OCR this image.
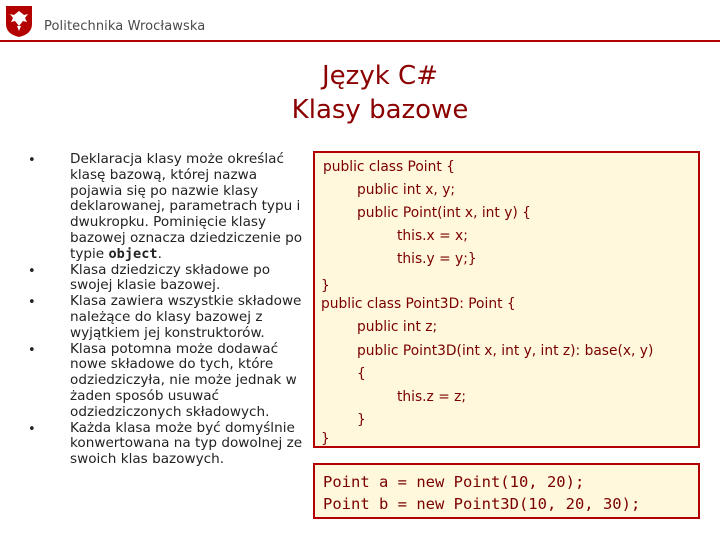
Politechnika Wrocławska
Język C#
Klasy bazowe
•	Deklaracja klasy może określać klasę bazową, której nazwa pojawia się po nazwie klasy deklarowanej, parametrach typu i dwukropku. Pominięcie klasy bazowej oznacza dziedziczenie po typie object.
•	Klasa dziedziczy składowe po swojej klasie bazowej.
•	Klasa zawiera wszystkie składowe należące do klasy bazowej z wyjątkiem jej konstruktorów.
•	Klasa potomna może dodawać nowe składowe do tych, które odziedziczyła, nie może jednak w żaden sposób usuwać odziedziczonych składowych.
•	Każda klasa może być domyślnie konwertowana na typ dowolnej ze swoich klas bazowych.
public class Point {
public int x, y;
public Point(int x, int y) {
this.x = x;
this.y = y;}
}
public class Point3D: Point {
public int z;
public Point3D(int x, int y, int z): base(x, y)
{
this.z = z;
}
}
Point a = new Point(10, 20);
Point b = new Point3D(10, 20, 30);
